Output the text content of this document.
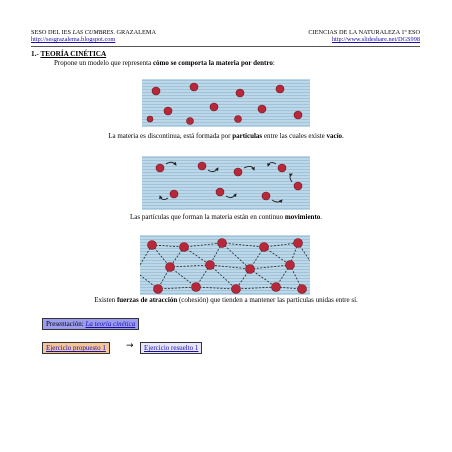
SESO DEL IES LAS CUMBRES. GRAZALEMA
http://sesgrazalema.blogspot.com
CIENCIAS DE LA NATURALEZA 1º ESO
http://www.slideshare.net/DGS998
1.- TEORÍA CINÉTICA
Propone un modelo que representa cómo se comporta la materia por dentro:
La materia es discontinua, está formada por partículas entre las cuales existe vacío.
Las partículas que forman la materia están en continuo movimiento.
Existen fuerzas de atracción (cohesión) que tienden a mantener las partículas unidas entre sí.
Presentación: La teoría cinética
Ejercicio propuesto 1	→	Ejercicio resuelto 1
